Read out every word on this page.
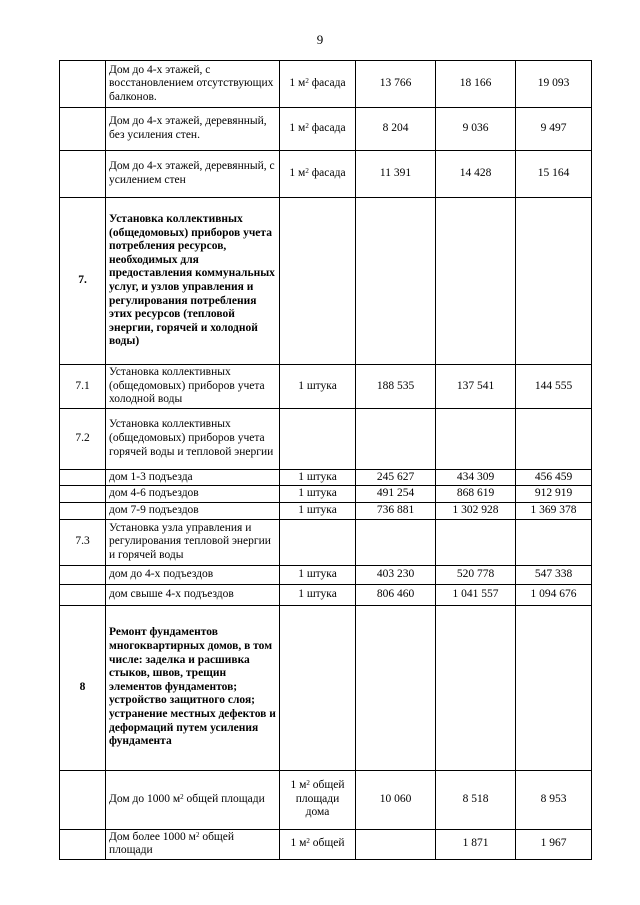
9
	Дом до 4-х этажей, с восстановлением отсутствующих балконов.	1 $м^2$ фасада	13 766	18 166	19 093
	Дом до 4-х этажей, деревянный, без усиления стен.	1 $м^2$ фасада	8 204	9 036	9 497
	Дом до 4-х этажей, деревянный, с усилением стен	1 $м^2$ фасада	11 391	14 428	15 164
7.	Установка коллективных (общедомовых) приборов учета потребления ресурсов, необходимых для предоставления коммунальных услуг, и узлов управления и регулирования потребления этих ресурсов (тепловой энергии, горячей и холодной воды)				
7.1	Установка коллективных (общедомовых) приборов учета холодной воды	1 штука	188 535	137 541	144 555
7.2	Установка коллективных (общедомовых) приборов учета горячей воды и тепловой энергии				
	дом 1-3 подъезда	1 штука	245 627	434 309	456 459
	дом 4-6 подъездов	1 штука	491 254	868 619	912 919
	дом 7-9 подъездов	1 штука	736 881	1 302 928	1 369 378
7.3	Установка узла управления и регулирования тепловой энергии и горячей воды				
	дом до 4-х подъездов	1 штука	403 230	520 778	547 338
	дом свыше 4-х подъездов	1 штука	806 460	1 041 557	1 094 676
8	Ремонт фундаментов многоквартирных домов, в том числе: заделка и расшивка стыков, швов, трещин элементов фундаментов; устройство защитного слоя; устранение местных дефектов и деформаций путем усиления фундамента				
	Дом до 1000 $м^2$ общей площади	1 $м^2$ общей площади дома	10 060	8 518	8 953
	Дом более 1000 $м^2$ общей площади	1 $м^2$ общей		1 871	1 967
